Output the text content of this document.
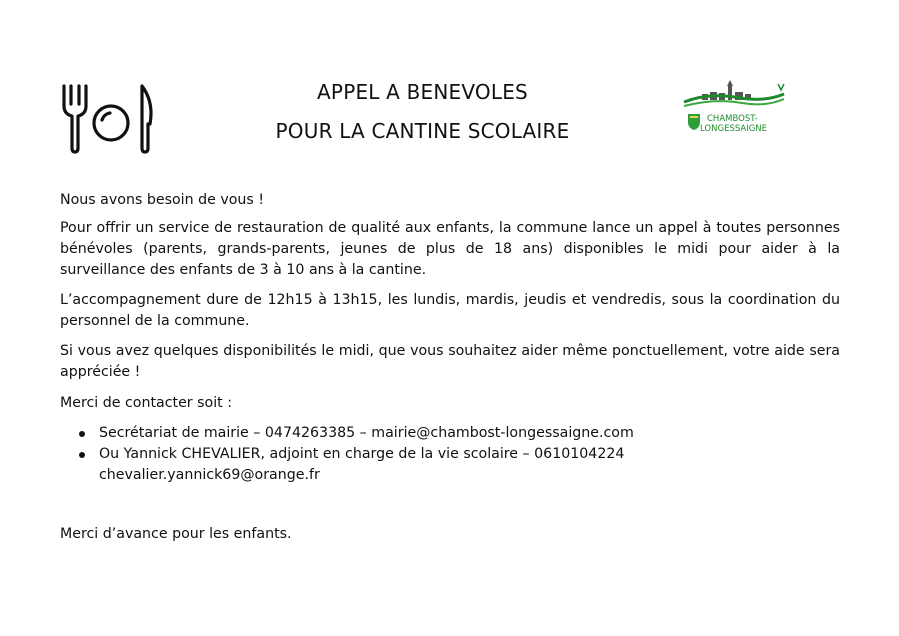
APPEL A BENEVOLES
POUR LA CANTINE SCOLAIRE	CHAMBOST-
LONGESSAIGNE
Nous avons besoin de vous !
Pour offrir un service de restauration de qualité aux enfants, la commune lance un appel à toutes personnes bénévoles (parents, grands-parents, jeunes de plus de 18 ans) disponibles le midi pour aider à la surveillance des enfants de 3 à 10 ans à la cantine.
L’accompagnement dure de 12h15 à 13h15, les lundis, mardis, jeudis et vendredis, sous la coordination du personnel de la commune.
Si vous avez quelques disponibilités le midi, que vous souhaitez aider même ponctuellement, votre aide sera appréciée !
Merci de contacter soit :
Secrétariat de mairie – 0474263385 – mairie@chambost-longessaigne.com
Ou Yannick CHEVALIER, adjoint en charge de la vie scolaire – 0610104224
chevalier.yannick69@orange.fr
Merci d’avance pour les enfants.
